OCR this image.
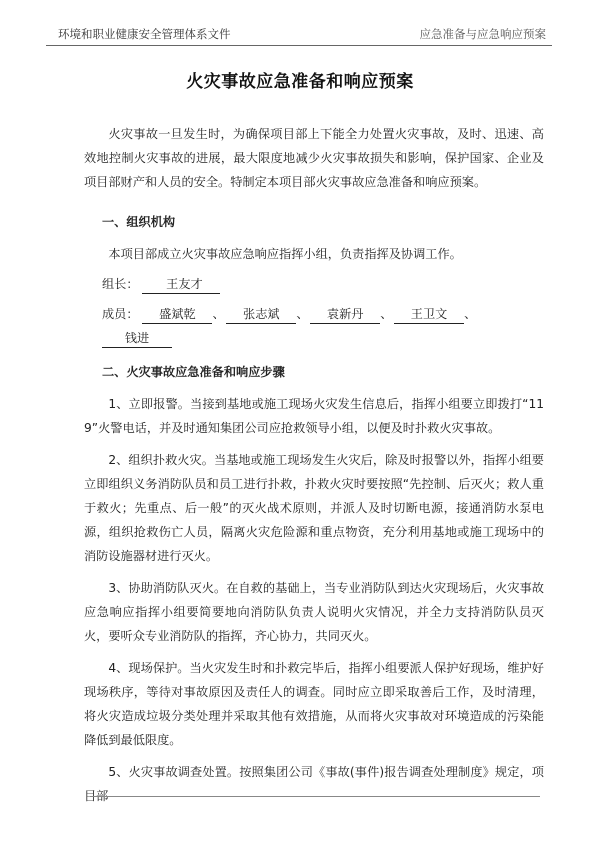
环境和职业健康安全管理体系文件	应急准备与应急响应预案
火灾事故应急准备和响应预案

火灾事故一旦发生时，为确保项目部上下能全力处置火灾事故，及时、迅速、高效地控制火灾事故的进展，最大限度地减少火灾事故损失和影响，保护国家、企业及项目部财产和人员的安全。特制定本项目部火灾事故应急准备和响应预案。

一、组织机构

本项目部成立火灾事故应急响应指挥小组，负责指挥及协调工作。

组长： 王友才
成员： 盛斌乾 、 张志斌 、 袁新丹 、 王卫文 、 钱进
二、火灾事故应急准备和响应步骤

1、立即报警。当接到基地或施工现场火灾发生信息后，指挥小组要立即拨打“119”火警电话，并及时通知集团公司应抢救领导小组，以便及时扑救火灾事故。

2、组织扑救火灾。当基地或施工现场发生火灾后，除及时报警以外，指挥小组要立即组织义务消防队员和员工进行扑救，扑救火灾时要按照“先控制、后灭火；救人重于救火；先重点、后一般”的灭火战术原则，并派人及时切断电源，接通消防水泵电源，组织抢救伤亡人员，隔离火灾危险源和重点物资，充分利用基地或施工现场中的消防设施器材进行灭火。

3、协助消防队灭火。在自救的基础上，当专业消防队到达火灾现场后，火灾事故应急响应指挥小组要简要地向消防队负责人说明火灾情况，并全力支持消防队员灭火，要听众专业消防队的指挥，齐心协力，共同灭火。

4、现场保护。当火灾发生时和扑救完毕后，指挥小组要派人保护好现场，维护好现场秩序，等待对事故原因及责任人的调查。同时应立即采取善后工作，及时清理，将火灾造成垃圾分类处理并采取其他有效措施，从而将火灾事故对环境造成的污染能降低到最低限度。

5、火灾事故调查处置。按照集团公司《事故(事件)报告调查处理制度》规定，项目部
